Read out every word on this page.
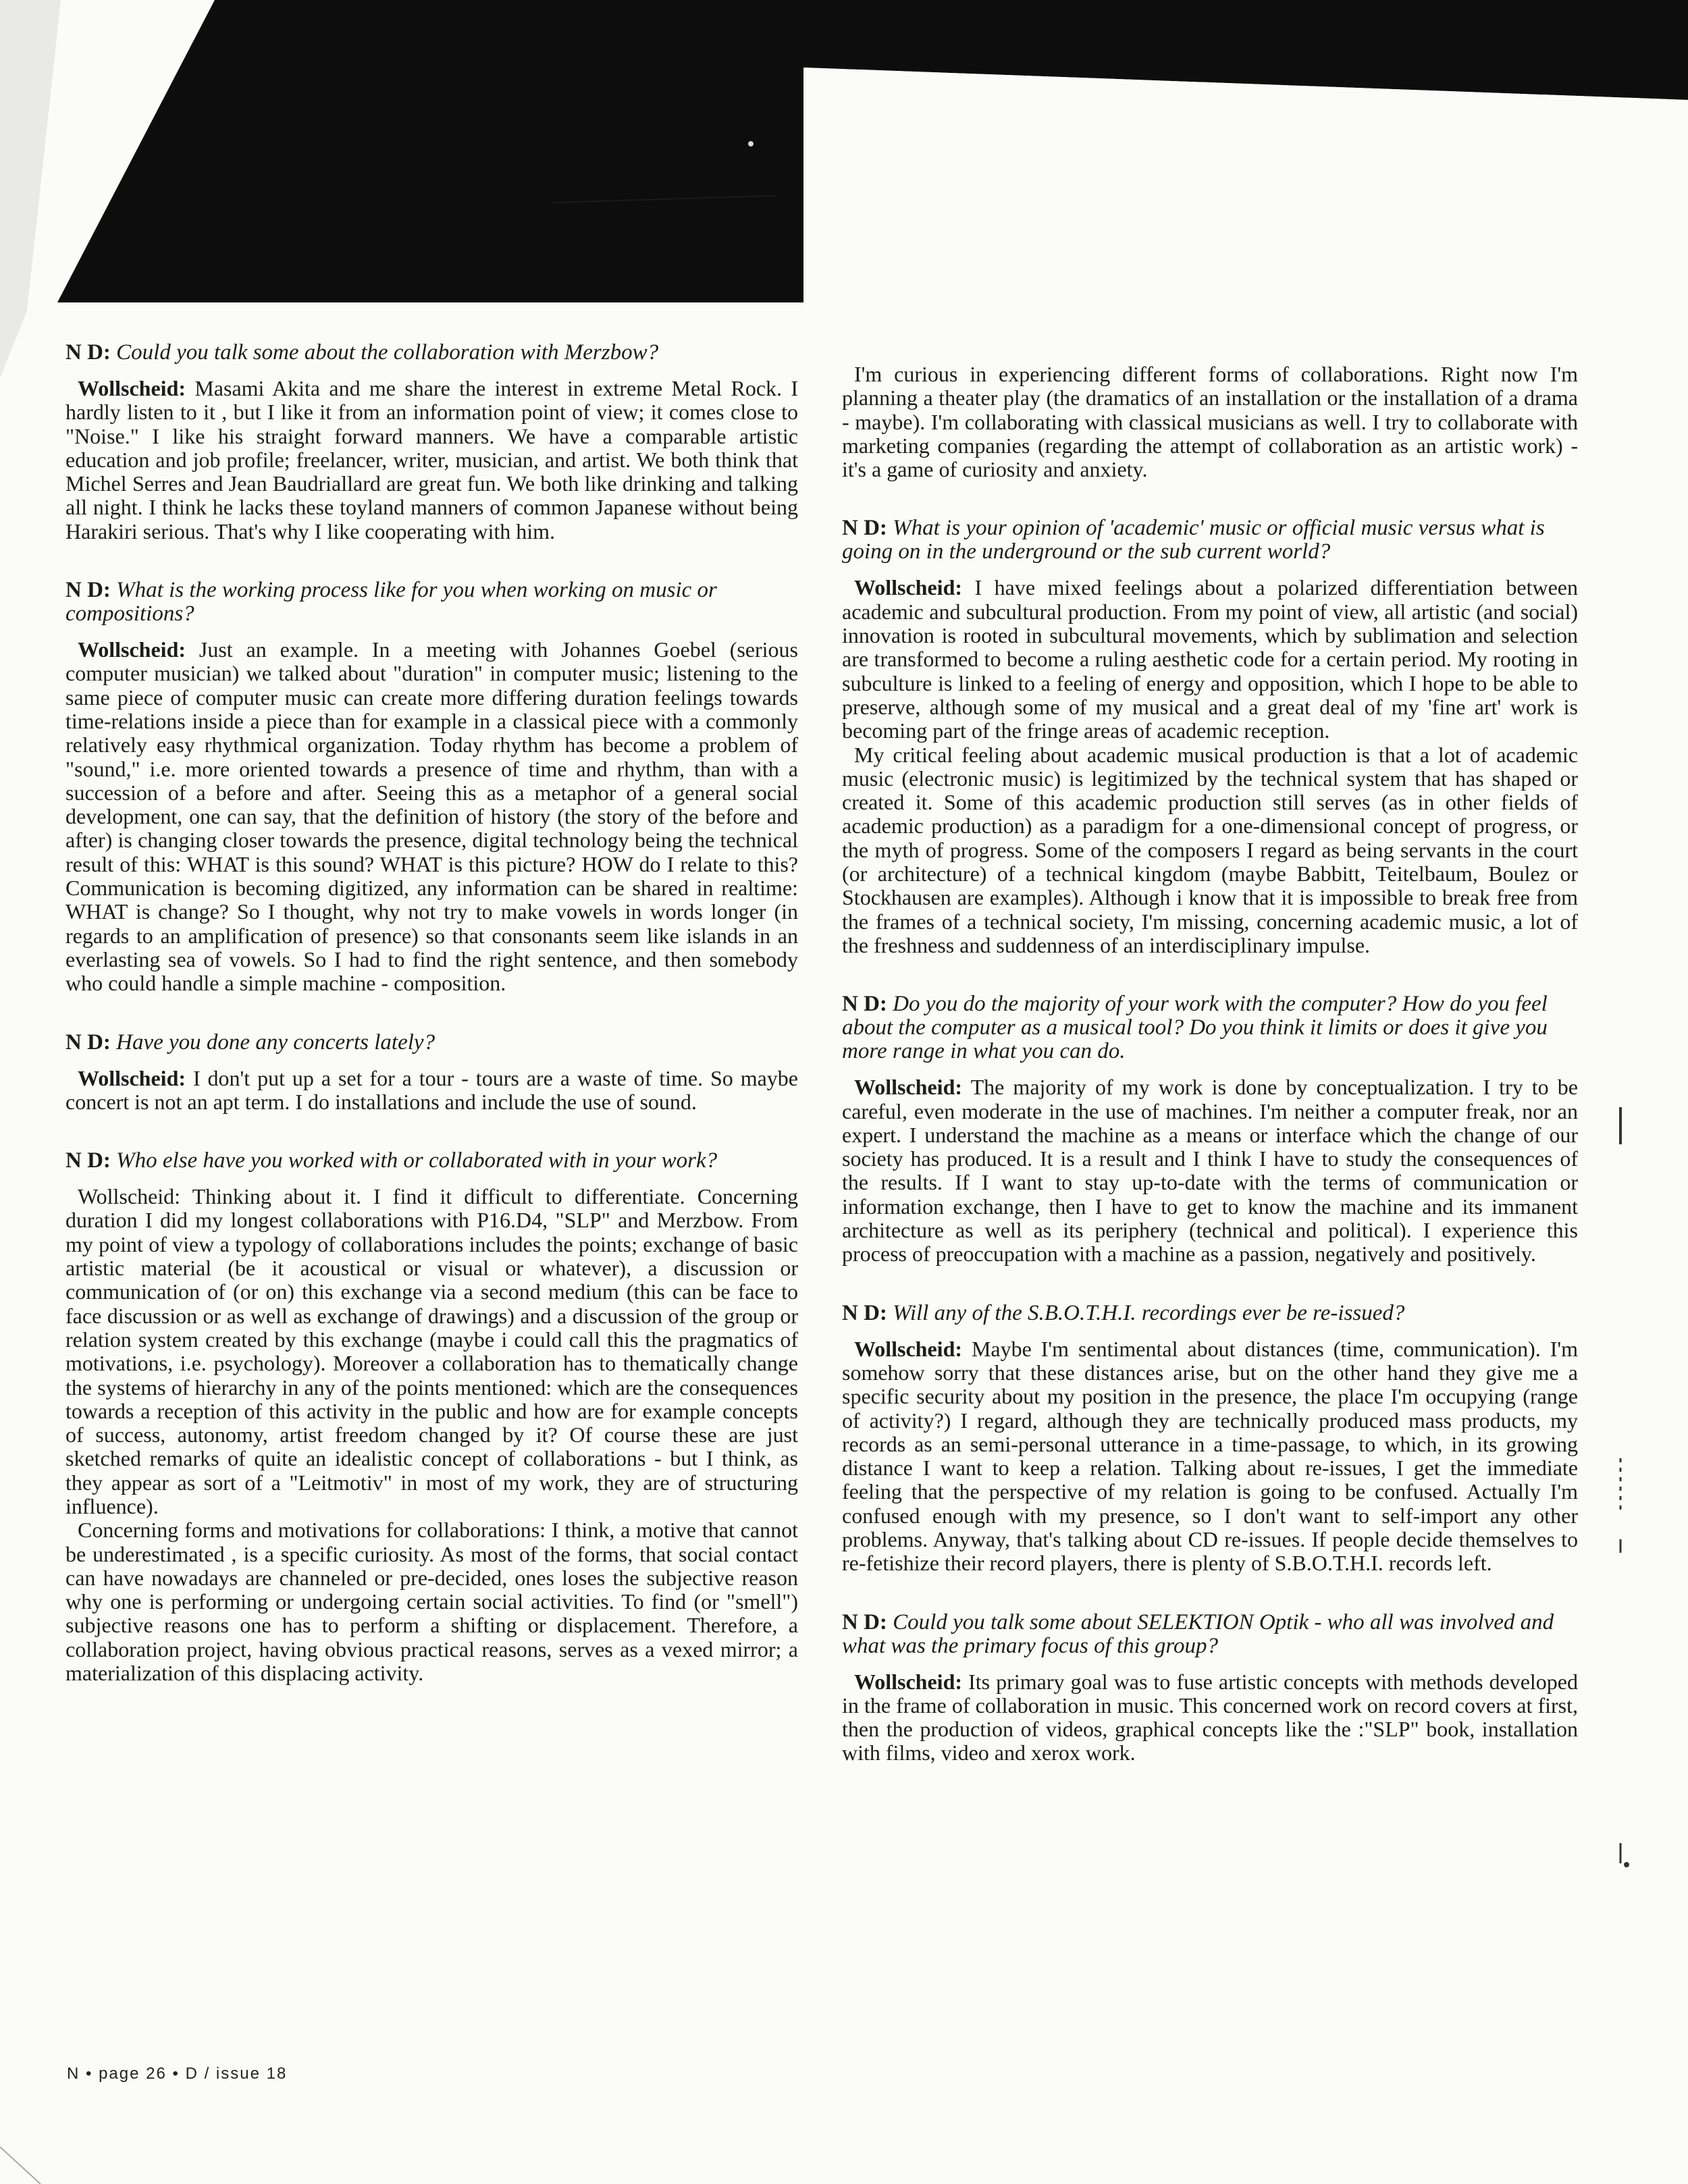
N D: Could you talk some about the collaboration with Merzbow?

Wollscheid: Masami Akita and me share the interest in extreme Metal Rock. I hardly listen to it , but I like it from an information point of view; it comes close to "Noise." I like his straight forward manners. We have a comparable artistic education and job profile; freelancer, writer, musician, and artist. We both think that Michel Serres and Jean Baudriallard are great fun. We both like drinking and talking all night. I think he lacks these toyland manners of common Japanese without being Harakiri serious. That's why I like cooperating with him.

N D: What is the working process like for you when working on music or compositions?

Wollscheid: Just an example. In a meeting with Johannes Goebel (serious computer musician) we talked about "duration" in computer music; listening to the same piece of computer music can create more differing duration feelings towards time-relations inside a piece than for example in a classical piece with a commonly relatively easy rhythmical organization. Today rhythm has become a problem of "sound," i.e. more oriented towards a presence of time and rhythm, than with a succession of a before and after. Seeing this as a metaphor of a general social development, one can say, that the definition of history (the story of the before and after) is changing closer towards the presence, digital technology being the technical result of this: WHAT is this sound? WHAT is this picture? HOW do I relate to this? Communication is becoming digitized, any information can be shared in realtime: WHAT is change? So I thought, why not try to make vowels in words longer (in regards to an amplification of presence) so that consonants seem like islands in an everlasting sea of vowels. So I had to find the right sentence, and then somebody who could handle a simple machine - composition.

N D: Have you done any concerts lately?

Wollscheid: I don't put up a set for a tour - tours are a waste of time. So maybe concert is not an apt term. I do installations and include the use of sound.

N D: Who else have you worked with or collaborated with in your work?

Wollscheid: Thinking about it. I find it difficult to differentiate. Concerning duration I did my longest collaborations with P16.D4, "SLP" and Merzbow. From my point of view a typology of collaborations includes the points; exchange of basic artistic material (be it acoustical or visual or whatever), a discussion or communication of (or on) this exchange via a second medium (this can be face to face discussion or as well as exchange of drawings) and a discussion of the group or relation system created by this exchange (maybe i could call this the pragmatics of motivations, i.e. psychology). Moreover a collaboration has to thematically change the systems of hierarchy in any of the points mentioned: which are the consequences towards a reception of this activity in the public and how are for example concepts of success, autonomy, artist freedom changed by it? Of course these are just sketched remarks of quite an idealistic concept of collaborations - but I think, as they appear as sort of a "Leitmotiv" in most of my work, they are of structuring influence).

Concerning forms and motivations for collaborations: I think, a motive that cannot be underestimated , is a specific curiosity. As most of the forms, that social contact can have nowadays are channeled or pre-decided, ones loses the subjective reason why one is performing or undergoing certain social activities. To find (or "smell") subjective reasons one has to perform a shifting or displacement. Therefore, a collaboration project, having obvious practical reasons, serves as a vexed mirror; a materialization of this displacing activity.

I'm curious in experiencing different forms of collaborations. Right now I'm planning a theater play (the dramatics of an installation or the installation of a drama - maybe). I'm collaborating with classical musicians as well. I try to collaborate with marketing companies (regarding the attempt of collaboration as an artistic work) - it's a game of curiosity and anxiety.

N D: What is your opinion of 'academic' music or official music versus what is going on in the underground or the sub current world?

Wollscheid: I have mixed feelings about a polarized differentiation between academic and subcultural production. From my point of view, all artistic (and social) innovation is rooted in subcultural movements, which by sublimation and selection are transformed to become a ruling aesthetic code for a certain period. My rooting in subculture is linked to a feeling of energy and opposition, which I hope to be able to preserve, although some of my musical and a great deal of my 'fine art' work is becoming part of the fringe areas of academic reception.

My critical feeling about academic musical production is that a lot of academic music (electronic music) is legitimized by the technical system that has shaped or created it. Some of this academic production still serves (as in other fields of academic production) as a paradigm for a one-dimensional concept of progress, or the myth of progress. Some of the composers I regard as being servants in the court (or architecture) of a technical kingdom (maybe Babbitt, Teitelbaum, Boulez or Stockhausen are examples). Although i know that it is impossible to break free from the frames of a technical society, I'm missing, concerning academic music, a lot of the freshness and suddenness of an interdisciplinary impulse.

N D: Do you do the majority of your work with the computer? How do you feel about the computer as a musical tool? Do you think it limits or does it give you more range in what you can do.

Wollscheid: The majority of my work is done by conceptualization. I try to be careful, even moderate in the use of machines. I'm neither a computer freak, nor an expert. I understand the machine as a means or interface which the change of our society has produced. It is a result and I think I have to study the consequences of the results. If I want to stay up-to-date with the terms of communication or information exchange, then I have to get to know the machine and its immanent architecture as well as its periphery (technical and political). I experience this process of preoccupation with a machine as a passion, negatively and positively.

N D: Will any of the S.B.O.T.H.I. recordings ever be re-issued?

Wollscheid: Maybe I'm sentimental about distances (time, communication). I'm somehow sorry that these distances arise, but on the other hand they give me a specific security about my position in the presence, the place I'm occupying (range of activity?) I regard, although they are technically produced mass products, my records as an semi-personal utterance in a time-passage, to which, in its growing distance I want to keep a relation. Talking about re-issues, I get the immediate feeling that the perspective of my relation is going to be confused. Actually I'm confused enough with my presence, so I don't want to self-import any other problems. Anyway, that's talking about CD re-issues. If people decide themselves to re-fetishize their record players, there is plenty of S.B.O.T.H.I. records left.

N D: Could you talk some about SELEKTION Optik - who all was involved and what was the primary focus of this group?

Wollscheid: Its primary goal was to fuse artistic concepts with methods developed in the frame of collaboration in music. This concerned work on record covers at first, then the production of videos, graphical concepts like the :"SLP" book, installation with films, video and xerox work.

N • page 26 • D / issue 18
